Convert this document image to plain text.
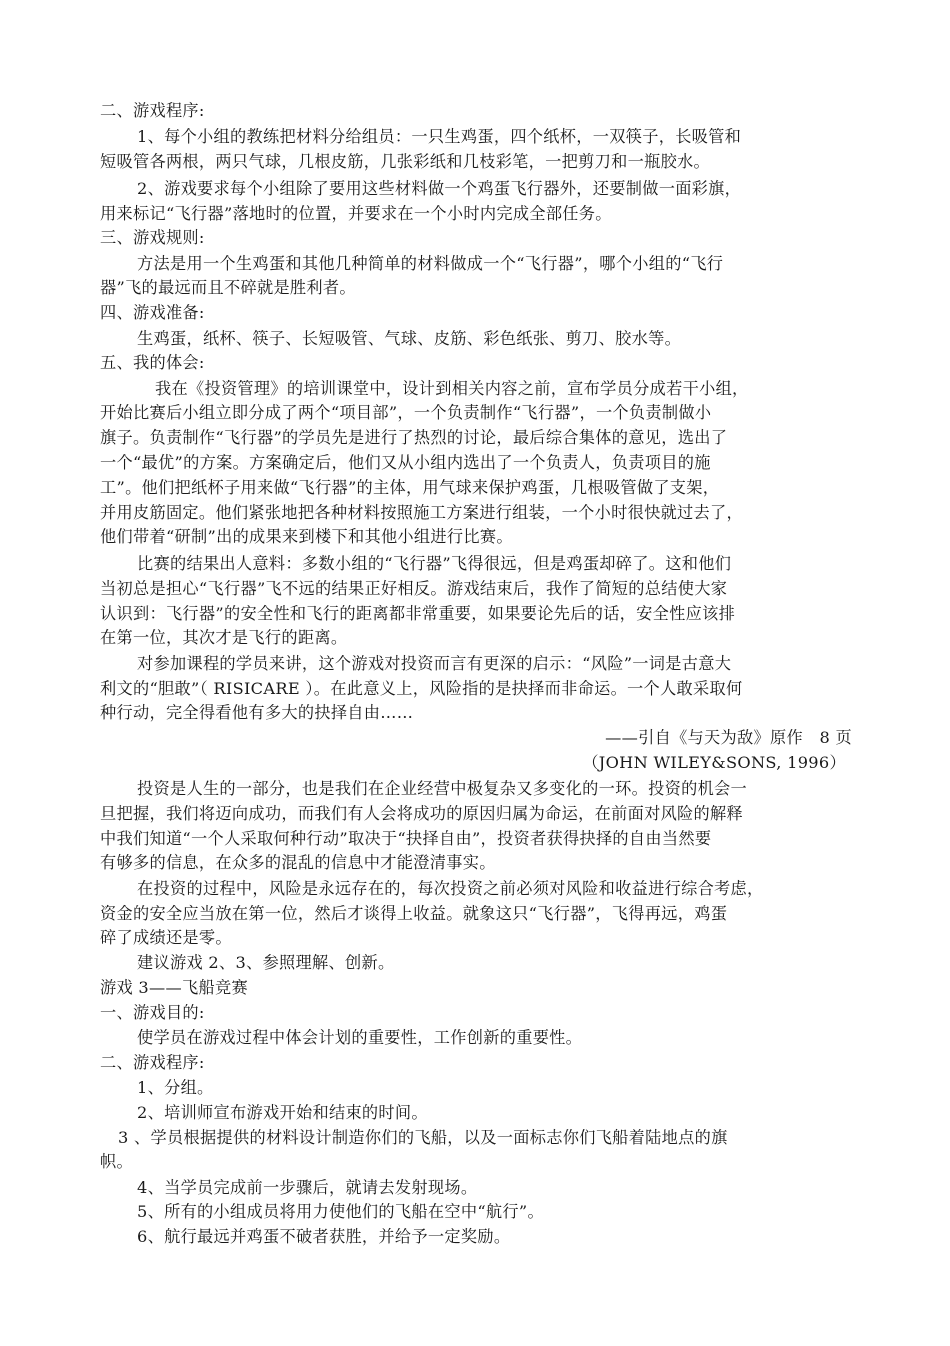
二、游戏程序:
1、每个小组的教练把材料分给组员：一只生鸡蛋，四个纸杯，一双筷子，长吸管和
短吸管各两根，两只气球，几根皮筋，几张彩纸和几枝彩笔，一把剪刀和一瓶胶水。
2、游戏要求每个小组除了要用这些材料做一个鸡蛋飞行器外，还要制做一面彩旗，
用来标记“飞行器”落地时的位置，并要求在一个小时内完成全部任务。
三、游戏规则:
方法是用一个生鸡蛋和其他几种简单的材料做成一个“飞行器”，哪个小组的“飞行
器”飞的最远而且不碎就是胜利者。
四、游戏准备:
生鸡蛋，纸杯、筷子、长短吸管、气球、皮筋、彩色纸张、剪刀、胶水等。
五、我的体会:
我在《投资管理》的培训课堂中，设计到相关内容之前，宣布学员分成若干小组，
开始比赛后小组立即分成了两个“项目部”，一个负责制作“飞行器”，一个负责制做小
旗子。负责制作“飞行器”的学员先是进行了热烈的讨论，最后综合集体的意见，选出了
一个“最优”的方案。方案确定后，他们又从小组内选出了一个负责人，负责项目的施
工”。他们把纸杯子用来做“飞行器”的主体，用气球来保护鸡蛋，几根吸管做了支架，
并用皮筋固定。他们紧张地把各种材料按照施工方案进行组装，一个小时很快就过去了，
他们带着“研制”出的成果来到楼下和其他小组进行比赛。
比赛的结果出人意料：多数小组的“飞行器”飞得很远，但是鸡蛋却碎了。这和他们
当初总是担心“飞行器”飞不远的结果正好相反。游戏结束后，我作了简短的总结使大家
认识到：飞行器”的安全性和飞行的距离都非常重要，如果要论先后的话，安全性应该排
在第一位，其次才是飞行的距离。
对参加课程的学员来讲，这个游戏对投资而言有更深的启示：“风险”一词是古意大
利文的“胆敢”（ RISICARE ）。在此意义上，风险指的是抉择而非命运。一个人敢采取何
种行动，完全得看他有多大的抉择自由……
——引自《与天为敌》原作　8 页
（JOHN WILEY&SONS, 1996）
投资是人生的一部分，也是我们在企业经营中极复杂又多变化的一环。投资的机会一
旦把握，我们将迈向成功，而我们有人会将成功的原因归属为命运，在前面对风险的解释
中我们知道“一个人采取何种行动”取决于“抉择自由”，投资者获得抉择的自由当然要
有够多的信息，在众多的混乱的信息中才能澄清事实。
在投资的过程中，风险是永远存在的，每次投资之前必须对风险和收益进行综合考虑，
资金的安全应当放在第一位，然后才谈得上收益。就象这只“飞行器”，飞得再远，鸡蛋
碎了成绩还是零。
建议游戏 2、3、参照理解、创新。
游戏 3——飞船竞赛
一、游戏目的:
使学员在游戏过程中体会计划的重要性，工作创新的重要性。
二、游戏程序:
1、分组。
2、培训师宣布游戏开始和结束的时间。
3 、学员根据提供的材料设计制造你们的飞船，以及一面标志你们飞船着陆地点的旗
帜。
4、当学员完成前一步骤后，就请去发射现场。
5、所有的小组成员将用力使他们的飞船在空中“航行”。
6、航行最远并鸡蛋不破者获胜，并给予一定奖励。
